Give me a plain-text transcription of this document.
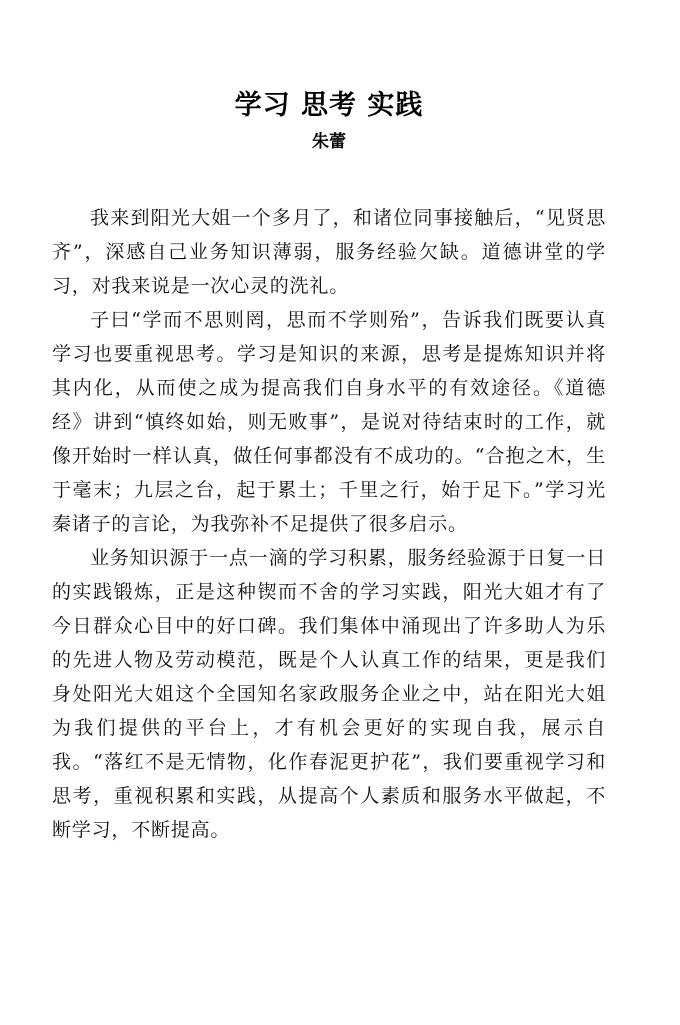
学习 思考 实践
朱蕾

我来到阳光大姐一个多月了，和诸位同事接触后，“见贤思齐”，深感自己业务知识薄弱，服务经验欠缺。道德讲堂的学习，对我来说是一次心灵的洗礼。

子曰“学而不思则罔，思而不学则殆”，告诉我们既要认真学习也要重视思考。学习是知识的来源，思考是提炼知识并将其内化，从而使之成为提高我们自身水平的有效途径。《道德经》讲到“慎终如始，则无败事”，是说对待结束时的工作，就像开始时一样认真，做任何事都没有不成功的。“合抱之木，生于毫末；九层之台，起于累土；千里之行，始于足下。”学习光秦诸子的言论，为我弥补不足提供了很多启示。

业务知识源于一点一滴的学习积累，服务经验源于日复一日的实践锻炼，正是这种锲而不舍的学习实践，阳光大姐才有了今日群众心目中的好口碑。我们集体中涌现出了许多助人为乐的先进人物及劳动模范，既是个人认真工作的结果，更是我们身处阳光大姐这个全国知名家政服务企业之中，站在阳光大姐为我们提供的平台上，才有机会更好的实现自我，展示自我。“落红不是无情物，化作春泥更护花”，我们要重视学习和思考，重视积累和实践，从提高个人素质和服务水平做起，不断学习，不断提高。
